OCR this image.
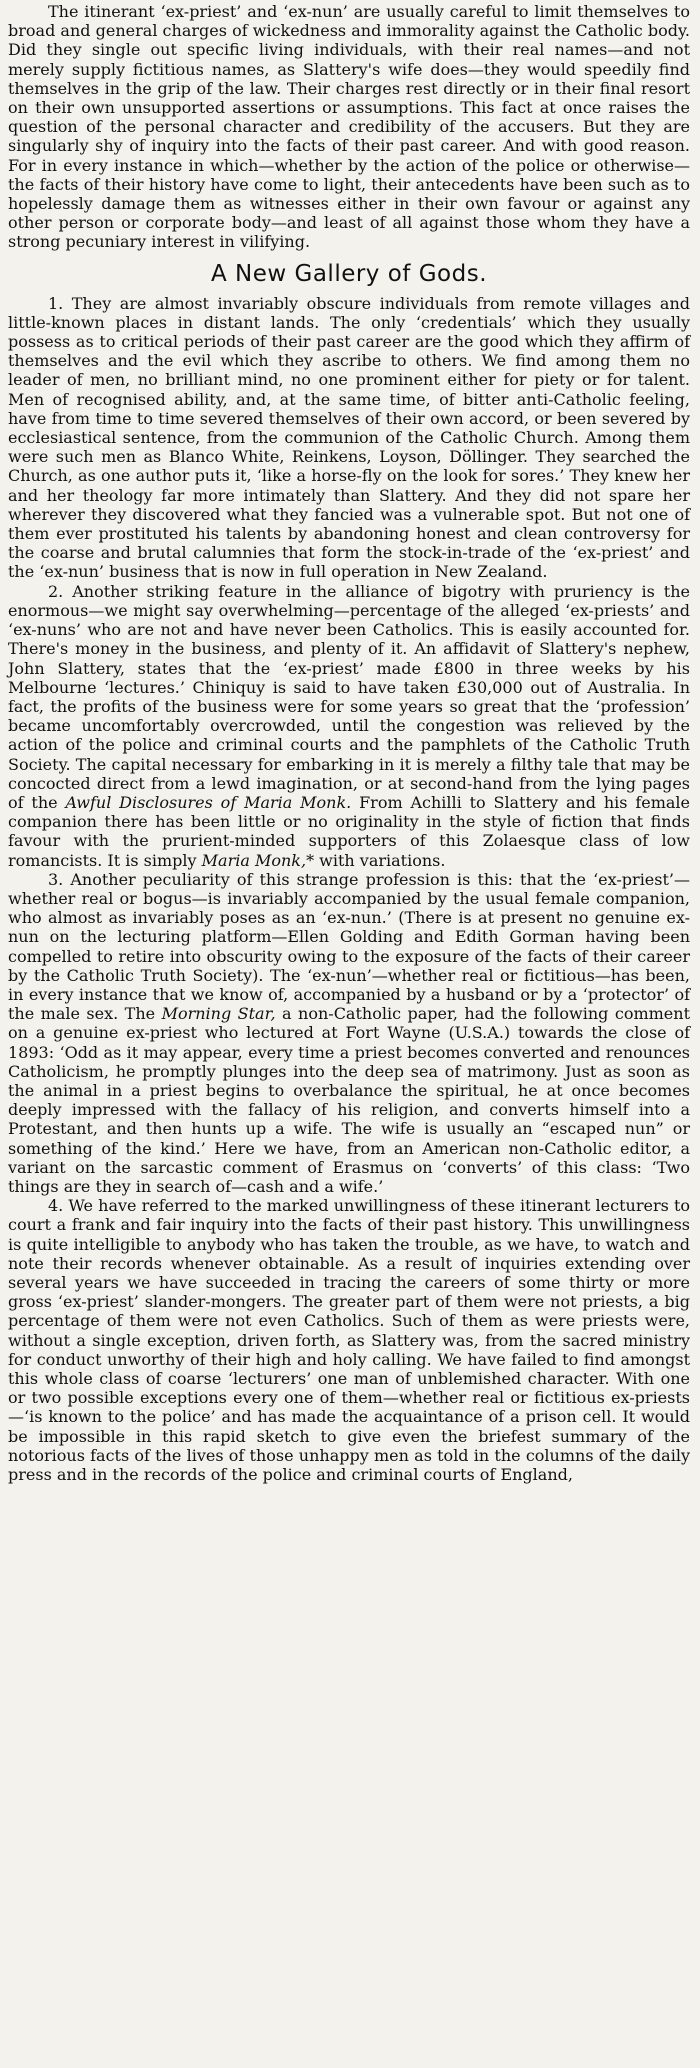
The itinerant ‘ex-priest’ and ‘ex-nun’ are usually careful to limit themselves to broad and general charges of wickedness and immorality against the Catholic body. Did they single out specific living individuals, with their real names—and not merely supply fictitious names, as Slattery's wife does—they would speedily find themselves in the grip of the law. Their charges rest directly or in their final resort on their own unsupported assertions or assumptions. This fact at once raises the question of the personal character and credibility of the accusers. But they are singularly shy of inquiry into the facts of their past career. And with good reason. For in every instance in which—whether by the action of the police or otherwise—the facts of their history have come to light, their antecedents have been such as to hopelessly damage them as witnesses either in their own favour or against any other person or corporate body—and least of all against those whom they have a strong pecuniary interest in vilifying.

A New Gallery of Gods.

1. They are almost invariably obscure individuals from remote villages and little-known places in distant lands. The only ‘credentials’ which they usually possess as to critical periods of their past career are the good which they affirm of themselves and the evil which they ascribe to others. We find among them no leader of men, no brilliant mind, no one prominent either for piety or for talent. Men of recognised ability, and, at the same time, of bitter anti-Catholic feeling, have from time to time severed themselves of their own accord, or been severed by ecclesiastical sentence, from the communion of the Catholic Church. Among them were such men as Blanco White, Reinkens, Loyson, Döllinger. They searched the Church, as one author puts it, ‘like a horse-fly on the look for sores.’ They knew her and her theology far more intimately than Slattery. And they did not spare her wherever they discovered what they fancied was a vulnerable spot. But not one of them ever prostituted his talents by abandoning honest and clean controversy for the coarse and brutal calumnies that form the stock-in-trade of the ‘ex-priest’ and the ‘ex-nun’ business that is now in full operation in New Zealand.

2. Another striking feature in the alliance of bigotry with pruriency is the enormous—we might say overwhelming—percentage of the alleged ‘ex-priests’ and ‘ex-nuns’ who are not and have never been Catholics. This is easily accounted for. There's money in the business, and plenty of it. An affidavit of Slattery's nephew, John Slattery, states that the ‘ex-priest’ made £800 in three weeks by his Melbourne ‘lectures.’ Chiniquy is said to have taken £30,000 out of Australia. In fact, the profits of the business were for some years so great that the ‘profession’ became uncomfortably overcrowded, until the congestion was relieved by the action of the police and criminal courts and the pamphlets of the Catholic Truth Society. The capital necessary for embarking in it is merely a filthy tale that may be concocted direct from a lewd imagination, or at second-hand from the lying pages of the Awful Disclosures of Maria Monk. From Achilli to Slattery and his female companion there has been little or no originality in the style of fiction that finds favour with the prurient-minded supporters of this Zolaesque class of low romancists. It is simply Maria Monk,* with variations.

3. Another peculiarity of this strange profession is this: that the ‘ex-priest’—whether real or bogus—is invariably accompanied by the usual female companion, who almost as invariably poses as an ‘ex-nun.’ (There is at present no genuine ex-nun on the lecturing platform—Ellen Golding and Edith Gorman having been compelled to retire into obscurity owing to the exposure of the facts of their career by the Catholic Truth Society). The ‘ex-nun’—whether real or fictitious—has been, in every instance that we know of, accompanied by a husband or by a ‘protector’ of the male sex. The Morning Star, a non-Catholic paper, had the following comment on a genuine ex-priest who lectured at Fort Wayne (U.S.A.) towards the close of 1893: ‘Odd as it may appear, every time a priest becomes converted and renounces Catholicism, he promptly plunges into the deep sea of matrimony. Just as soon as the animal in a priest begins to overbalance the spiritual, he at once becomes deeply impressed with the fallacy of his religion, and converts himself into a Protestant, and then hunts up a wife. The wife is usually an “escaped nun” or something of the kind.’ Here we have, from an American non-Catholic editor, a variant on the sarcastic comment of Erasmus on ‘converts’ of this class: ‘Two things are they in search of—cash and a wife.’

4. We have referred to the marked unwillingness of these itinerant lecturers to court a frank and fair inquiry into the facts of their past history. This unwillingness is quite intelligible to anybody who has taken the trouble, as we have, to watch and note their records whenever obtainable. As a result of inquiries extending over several years we have succeeded in tracing the careers of some thirty or more gross ‘ex-priest’ slander-mongers. The greater part of them were not priests, a big percentage of them were not even Catholics. Such of them as were priests were, without a single exception, driven forth, as Slattery was, from the sacred ministry for conduct unworthy of their high and holy calling. We have failed to find amongst this whole class of coarse ‘lecturers’ one man of unblemished character. With one or two possible exceptions every one of them—whether real or fictitious ex-priests—‘is known to the police’ and has made the acquaintance of a prison cell. It would be impossible in this rapid sketch to give even the briefest summary of the notorious facts of the lives of those unhappy men as told in the columns of the daily press and in the records of the police and criminal courts of England,
